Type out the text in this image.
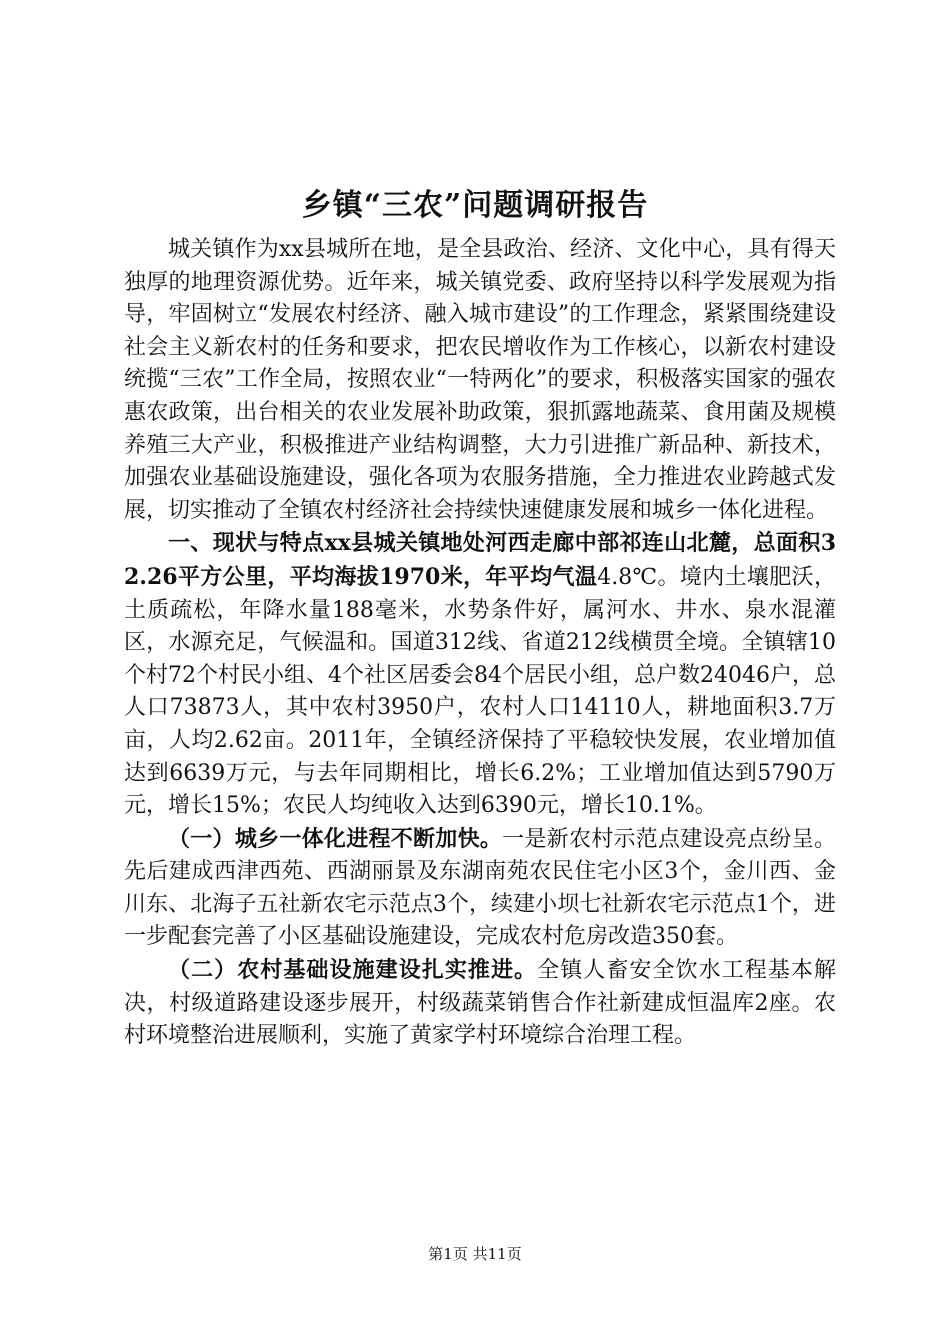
乡镇“三农”问题调研报告

城关镇作为xx县城所在地，是全县政治、经济、文化中心，具有得天独厚的地理资源优势。近年来，城关镇党委、政府坚持以科学发展观为指导，牢固树立“发展农村经济、融入城市建设”的工作理念，紧紧围绕建设社会主义新农村的任务和要求，把农民增收作为工作核心，以新农村建设统揽“三农”工作全局，按照农业“一特两化”的要求，积极落实国家的强农惠农政策，出台相关的农业发展补助政策，狠抓露地蔬菜、食用菌及规模养殖三大产业，积极推进产业结构调整，大力引进推广新品种、新技术，加强农业基础设施建设，强化各项为农服务措施，全力推进农业跨越式发展，切实推动了全镇农村经济社会持续快速健康发展和城乡一体化进程。

一、现状与特点xx县城关镇地处河西走廊中部祁连山北麓，总面积32.26平方公里，平均海拔1970米，年平均气温4.8℃。境内土壤肥沃，土质疏松，年降水量188毫米，水势条件好，属河水、井水、泉水混灌区，水源充足，气候温和。国道312线、省道212线横贯全境。全镇辖10个村72个村民小组、4个社区居委会84个居民小组，总户数24046户，总人口73873人，其中农村3950户，农村人口14110人，耕地面积3.7万亩，人均2.62亩。2011年，全镇经济保持了平稳较快发展，农业增加值达到6639万元，与去年同期相比，增长6.2%；工业增加值达到5790万元，增长15%；农民人均纯收入达到6390元，增长10.1%。

（一）城乡一体化进程不断加快。一是新农村示范点建设亮点纷呈。先后建成西津西苑、西湖丽景及东湖南苑农民住宅小区3个，金川西、金川东、北海子五社新农宅示范点3个，续建小坝七社新农宅示范点1个，进一步配套完善了小区基础设施建设，完成农村危房改造350套。

（二）农村基础设施建设扎实推进。全镇人畜安全饮水工程基本解决，村级道路建设逐步展开，村级蔬菜销售合作社新建成恒温库2座。农村环境整治进展顺利，实施了黄家学村环境综合治理工程。

第1页 共11页
